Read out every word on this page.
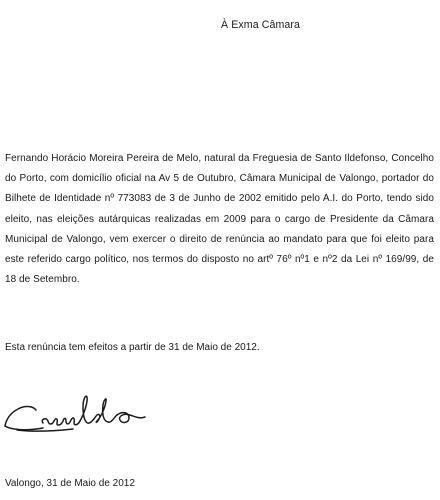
À Exma Câmara

Fernando Horácio Moreira Pereira de Melo, natural da Freguesia de Santo Ildefonso, Concelho do Porto, com domicílio oficial na Av 5 de Outubro, Câmara Municipal de Valongo, portador do Bilhete de Identidade nº 773083 de 3 de Junho de 2002 emitido pelo A.I. do Porto, tendo sido eleito, nas eleições autárquicas realizadas em 2009 para o cargo de Presidente da Câmara Municipal de Valongo, vem exercer o direito de renúncia ao mandato para que foi eleito para este referido cargo político, nos termos do disposto no artº 76º nº1 e nº2 da Lei nº 169/99, de 18 de Setembro.

Esta renúncia tem efeitos a partir de 31 de Maio de 2012.

Valongo, 31 de Maio de 2012
